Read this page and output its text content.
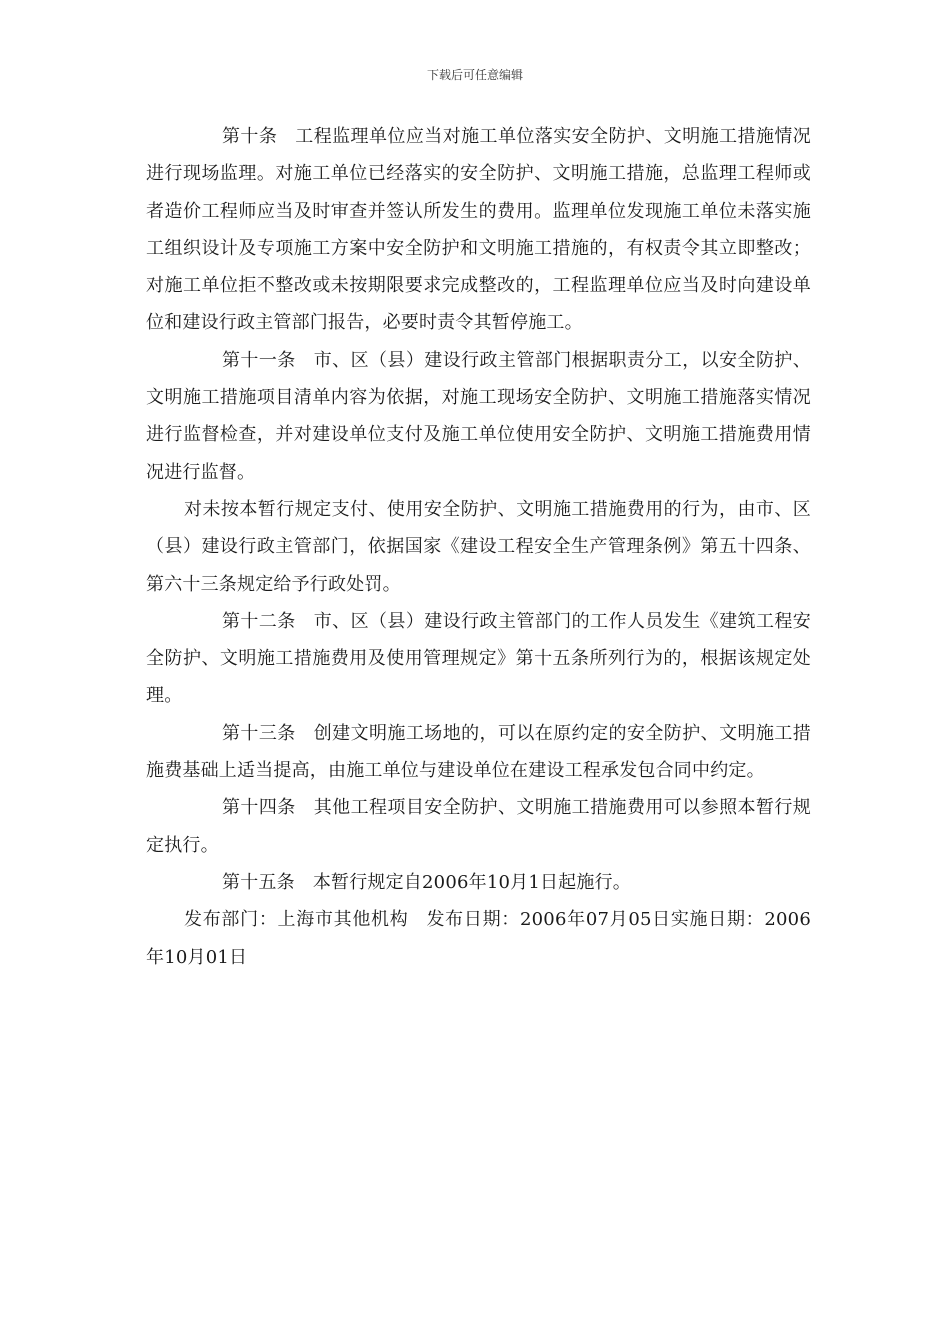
下载后可任意编辑

第十条 工程监理单位应当对施工单位落实安全防护、文明施工措施情况进行现场监理。对施工单位已经落实的安全防护、文明施工措施，总监理工程师或者造价工程师应当及时审查并签认所发生的费用。监理单位发现施工单位未落实施工组织设计及专项施工方案中安全防护和文明施工措施的，有权责令其立即整改；对施工单位拒不整改或未按期限要求完成整改的，工程监理单位应当及时向建设单位和建设行政主管部门报告，必要时责令其暂停施工。

第十一条 市、区（县）建设行政主管部门根据职责分工，以安全防护、文明施工措施项目清单内容为依据，对施工现场安全防护、文明施工措施落实情况进行监督检查，并对建设单位支付及施工单位使用安全防护、文明施工措施费用情况进行监督。

对未按本暂行规定支付、使用安全防护、文明施工措施费用的行为，由市、区（县）建设行政主管部门，依据国家《建设工程安全生产管理条例》第五十四条、第六十三条规定给予行政处罚。

第十二条 市、区（县）建设行政主管部门的工作人员发生《建筑工程安全防护、文明施工措施费用及使用管理规定》第十五条所列行为的，根据该规定处理。

第十三条 创建文明施工场地的，可以在原约定的安全防护、文明施工措施费基础上适当提高，由施工单位与建设单位在建设工程承发包合同中约定。

第十四条 其他工程项目安全防护、文明施工措施费用可以参照本暂行规定执行。

第十五条 本暂行规定自2006年10月1日起施行。

发布部门：上海市其他机构 发布日期：2006年07月05日实施日期：2006年10月01日
